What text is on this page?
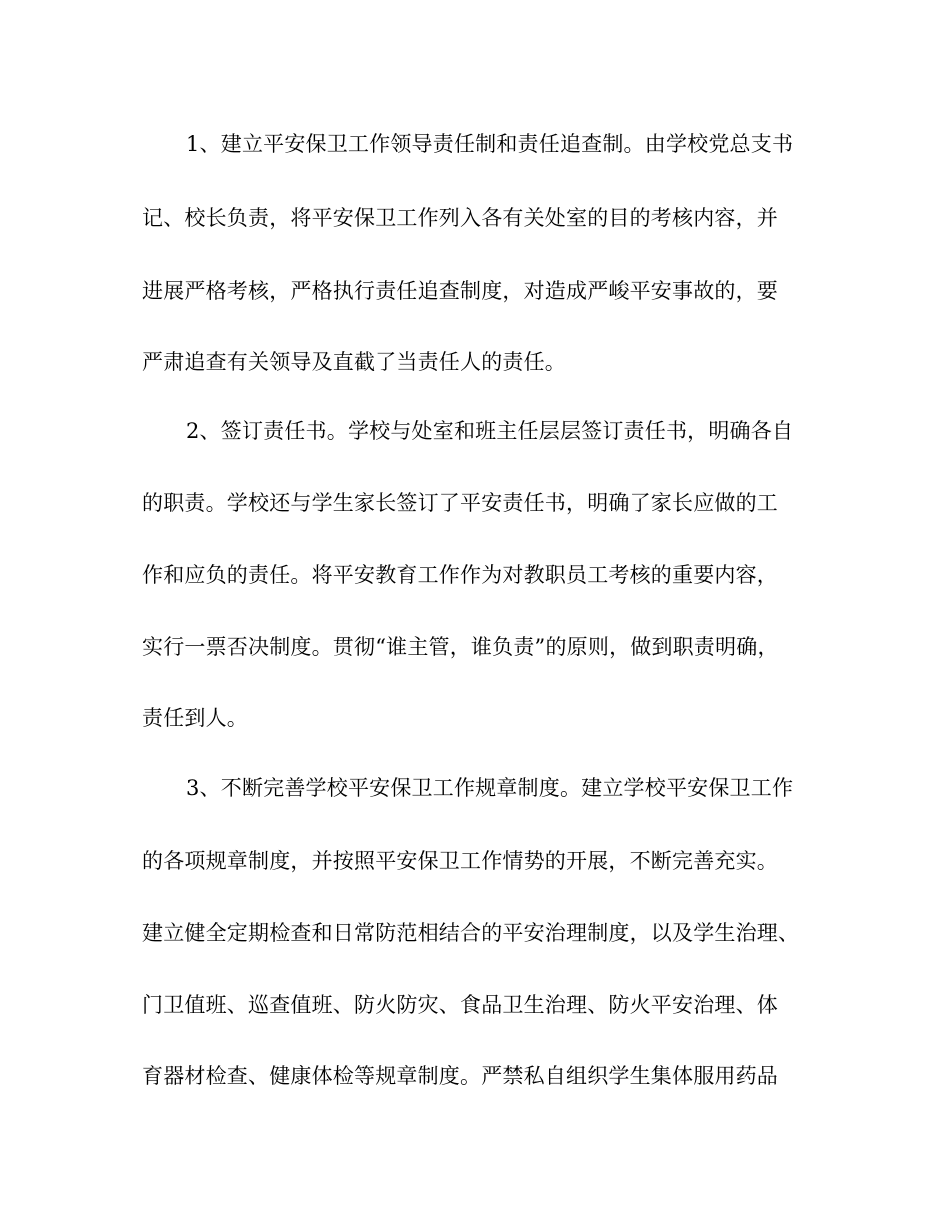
1、建立平安保卫工作领导责任制和责任追查制。由学校党总支书
记、校长负责，将平安保卫工作列入各有关处室的目的考核内容，并
进展严格考核，严格执行责任追查制度，对造成严峻平安事故的，要
严肃追查有关领导及直截了当责任人的责任。
2、签订责任书。学校与处室和班主任层层签订责任书，明确各自
的职责。学校还与学生家长签订了平安责任书，明确了家长应做的工
作和应负的责任。将平安教育工作作为对教职员工考核的重要内容，
实行一票否决制度。贯彻“谁主管，谁负责”的原则，做到职责明确，
责任到人。
3、不断完善学校平安保卫工作规章制度。建立学校平安保卫工作
的各项规章制度，并按照平安保卫工作情势的开展，不断完善充实。
建立健全定期检查和日常防范相结合的平安治理制度，以及学生治理、
门卫值班、巡查值班、防火防灾、食品卫生治理、防火平安治理、体
育器材检查、健康体检等规章制度。严禁私自组织学生集体服用药品
